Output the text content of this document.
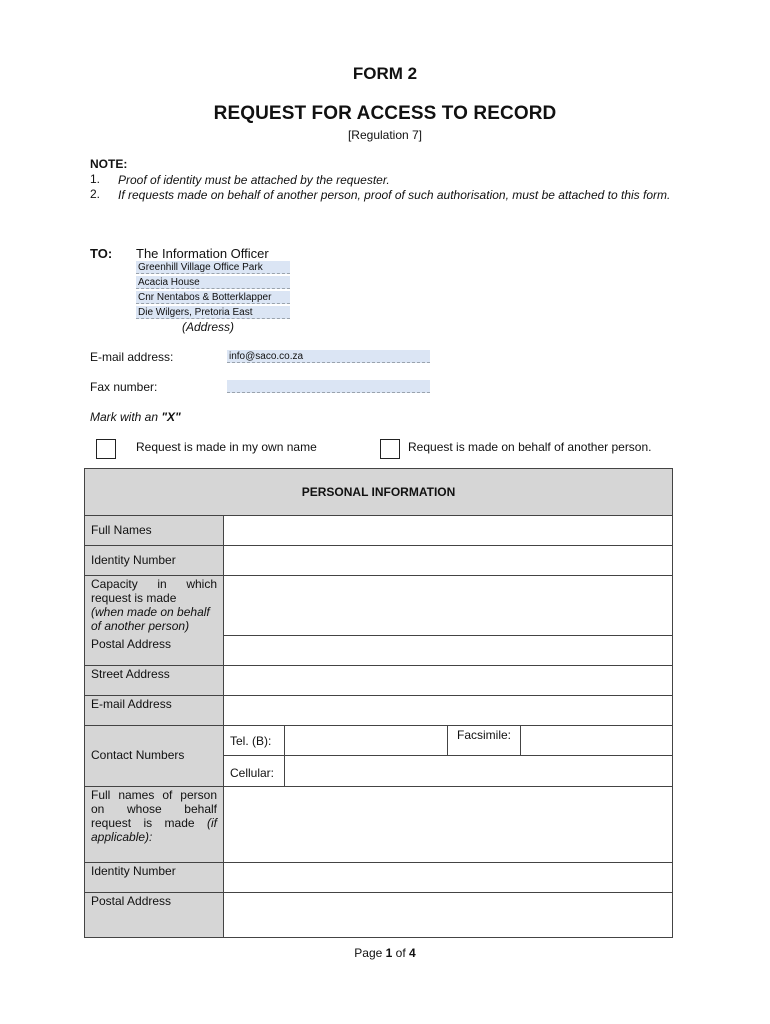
FORM 2
REQUEST FOR ACCESS TO RECORD
[Regulation 7]
NOTE:
1. Proof of identity must be attached by the requester.
2. If requests made on behalf of another person, proof of such authorisation, must be attached to this form.
TO: The Information Officer
Greenhill Village Office Park
Acacia House
Cnr Nentabos & Botterklapper
Die Wilgers, Pretoria East
(Address)
E-mail address:	info@saco.co.za
Fax number:
Mark with an "X"
Request is made in my own name	Request is made on behalf of another person.
PERSONAL INFORMATION
Full Names
Identity Number
Capacity in which request is made
(when made on behalf of another person)
Postal Address
Street Address
E-mail Address
Contact Numbers
Tel. (B):	Facsimile:
Cellular:
Full names of person on whose behalf request is made (if applicable):
Identity Number
Postal Address
Page 1 of 4
